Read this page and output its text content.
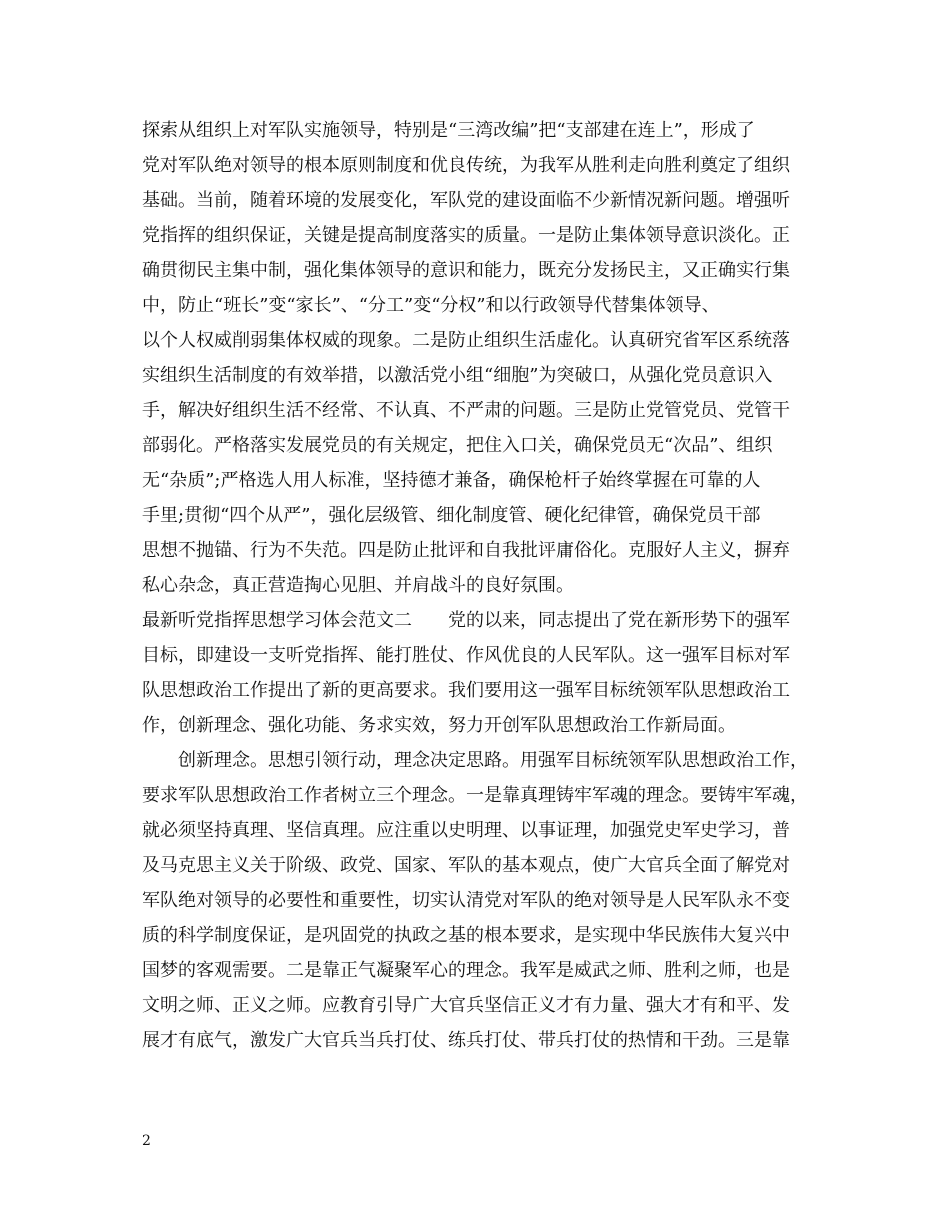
探索从组织上对军队实施领导，特别是“三湾改编”把“支部建在连上”，形成了
党对军队绝对领导的根本原则制度和优良传统，为我军从胜利走向胜利奠定了组织
基础。当前，随着环境的发展变化，军队党的建设面临不少新情况新问题。增强听
党指挥的组织保证，关键是提高制度落实的质量。一是防止集体领导意识淡化。正
确贯彻民主集中制，强化集体领导的意识和能力，既充分发扬民主，又正确实行集
中，防止“班长”变“家长”、“分工”变“分权”和以行政领导代替集体领导、
以个人权威削弱集体权威的现象。二是防止组织生活虚化。认真研究省军区系统落
实组织生活制度的有效举措，以激活党小组“细胞”为突破口，从强化党员意识入
手，解决好组织生活不经常、不认真、不严肃的问题。三是防止党管党员、党管干
部弱化。严格落实发展党员的有关规定，把住入口关，确保党员无“次品”、组织
无“杂质”;严格选人用人标准，坚持德才兼备，确保枪杆子始终掌握在可靠的人
手里;贯彻“四个从严”，强化层级管、细化制度管、硬化纪律管，确保党员干部
思想不抛锚、行为不失范。四是防止批评和自我批评庸俗化。克服好人主义，摒弃
私心杂念，真正营造掏心见胆、并肩战斗的良好氛围。
最新听党指挥思想学习体会范文二　　党的以来，同志提出了党在新形势下的强军
目标，即建设一支听党指挥、能打胜仗、作风优良的人民军队。这一强军目标对军
队思想政治工作提出了新的更高要求。我们要用这一强军目标统领军队思想政治工
作，创新理念、强化功能、务求实效，努力开创军队思想政治工作新局面。
创新理念。思想引领行动，理念决定思路。用强军目标统领军队思想政治工作，
要求军队思想政治工作者树立三个理念。一是靠真理铸牢军魂的理念。要铸牢军魂，
就必须坚持真理、坚信真理。应注重以史明理、以事证理，加强党史军史学习，普
及马克思主义关于阶级、政党、国家、军队的基本观点，使广大官兵全面了解党对
军队绝对领导的必要性和重要性，切实认清党对军队的绝对领导是人民军队永不变
质的科学制度保证，是巩固党的执政之基的根本要求，是实现中华民族伟大复兴中
国梦的客观需要。二是靠正气凝聚军心的理念。我军是威武之师、胜利之师，也是
文明之师、正义之师。应教育引导广大官兵坚信正义才有力量、强大才有和平、发
展才有底气，激发广大官兵当兵打仗、练兵打仗、带兵打仗的热情和干劲。三是靠
2
